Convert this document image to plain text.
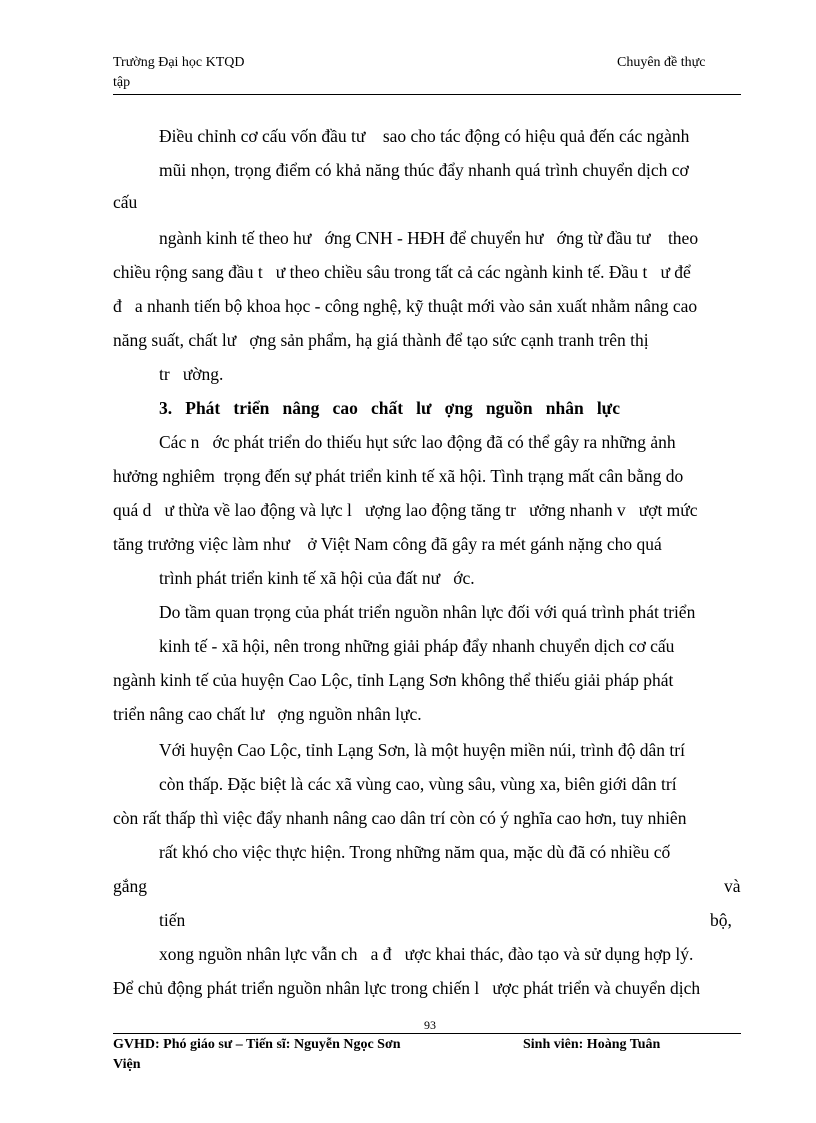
Trường Đại học KTQD
tập
Chuyên đề thực
Điều chỉnh cơ cấu vốn đầu tư    sao cho tác động có hiệu quả đến các ngành
mũi nhọn, trọng điểm có khả năng thúc đẩy nhanh quá trình chuyển dịch cơ
cấu
ngành kinh tế theo hư   ớng CNH - HĐH để chuyển hư   ớng từ đầu tư    theo
chiều rộng sang đầu t   ư theo chiều sâu trong tất cả các ngành kinh tế. Đầu t   ư để
đ   a nhanh tiến bộ khoa học - công nghệ, kỹ thuật mới vào sản xuất nhằm nâng cao
năng suất, chất lư   ợng sản phẩm, hạ giá thành để tạo sức cạnh tranh trên thị
tr   ường.
3.   Phát   triển   nâng   cao   chất   lư   ợng   nguồn   nhân   lực
Các n   ớc phát triển do thiếu hụt sức lao động đã có thể gây ra những ảnh
hưởng nghiêm  trọng đến sự phát triển kinh tế xã hội. Tình trạng mất cân bằng do
quá d   ư thừa về lao động và lực l   ượng lao động tăng tr   ưởng nhanh v   ượt mức
tăng trưởng việc làm như    ở Việt Nam công đã gây ra mét gánh nặng cho quá
trình phát triển kinh tế xã hội của đất nư   ớc.
Do tầm quan trọng của phát triển nguồn nhân lực đối với quá trình phát triển
kinh tế - xã hội, nên trong những giải pháp đẩy nhanh chuyển dịch cơ cấu
ngành kinh tế của huyện Cao Lộc, tỉnh Lạng Sơn không thể thiếu giải pháp phát
triển nâng cao chất lư   ợng nguồn nhân lực.
Với huyện Cao Lộc, tỉnh Lạng Sơn, là một huyện miền núi, trình độ dân trí
còn thấp. Đặc biệt là các xã vùng cao, vùng sâu, vùng xa, biên giới dân trí
còn rất thấp thì việc đẩy nhanh nâng cao dân trí còn có ý nghĩa cao hơn, tuy nhiên
rất khó cho việc thực hiện. Trong những năm qua, mặc dù đã có nhiều cố
gắng	và
tiến	bộ,
xong nguồn nhân lực vẫn ch   a đ   ược khai thác, đào tạo và sử dụng hợp lý.
Để chủ động phát triển nguồn nhân lực trong chiến l   ược phát triển và chuyển dịch
93
GVHD: Phó giáo sư – Tiến sĩ: Nguyễn Ngọc Sơn
Viện
Sinh viên: Hoàng Tuân
